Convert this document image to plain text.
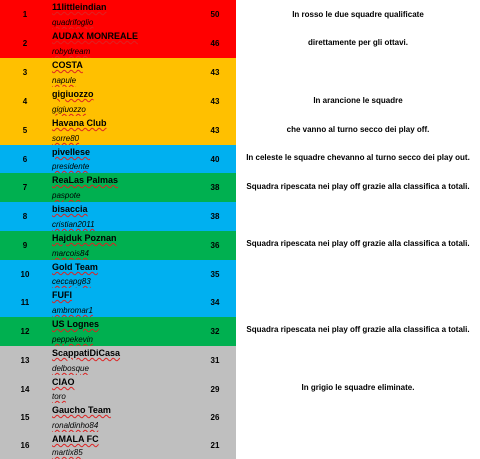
1
11littleindian
quadrifoglio
50
2
AUDAX MONREALE
robydream
46
3
COSTA
napule
43
4
gigiuozzo
gigiuozzo
43
5
Havana Club
sorre80
43
6
pivellese
presidente
40
7
ReaLas Palmas
paspote
38
8
bisaccia
cristian2011
38
9
Hajduk Poznan
marcois84
36
10
Gold Team
ceccapg83
35
11
FUFI
ambromar1
34
12
US Lognes
peppekevin
32
13
ScappatiDiCasa
delbosque
31
14
CIAO
toro
29
15
Gaucho Team
ronaldinho84
26
16
AMALA FC
martix85
21
In rosso le due squadre qualificate
direttamente per gli ottavi.
In arancione le squadre
che vanno al turno secco dei play off.
In celeste le squadre chevanno al turno secco dei play out.
Squadra ripescata nei play off grazie alla classifica a totali.
Squadra ripescata nei play off grazie alla classifica a totali.
Squadra ripescata nei play off grazie alla classifica a totali.
In grigio le squadre eliminate.
